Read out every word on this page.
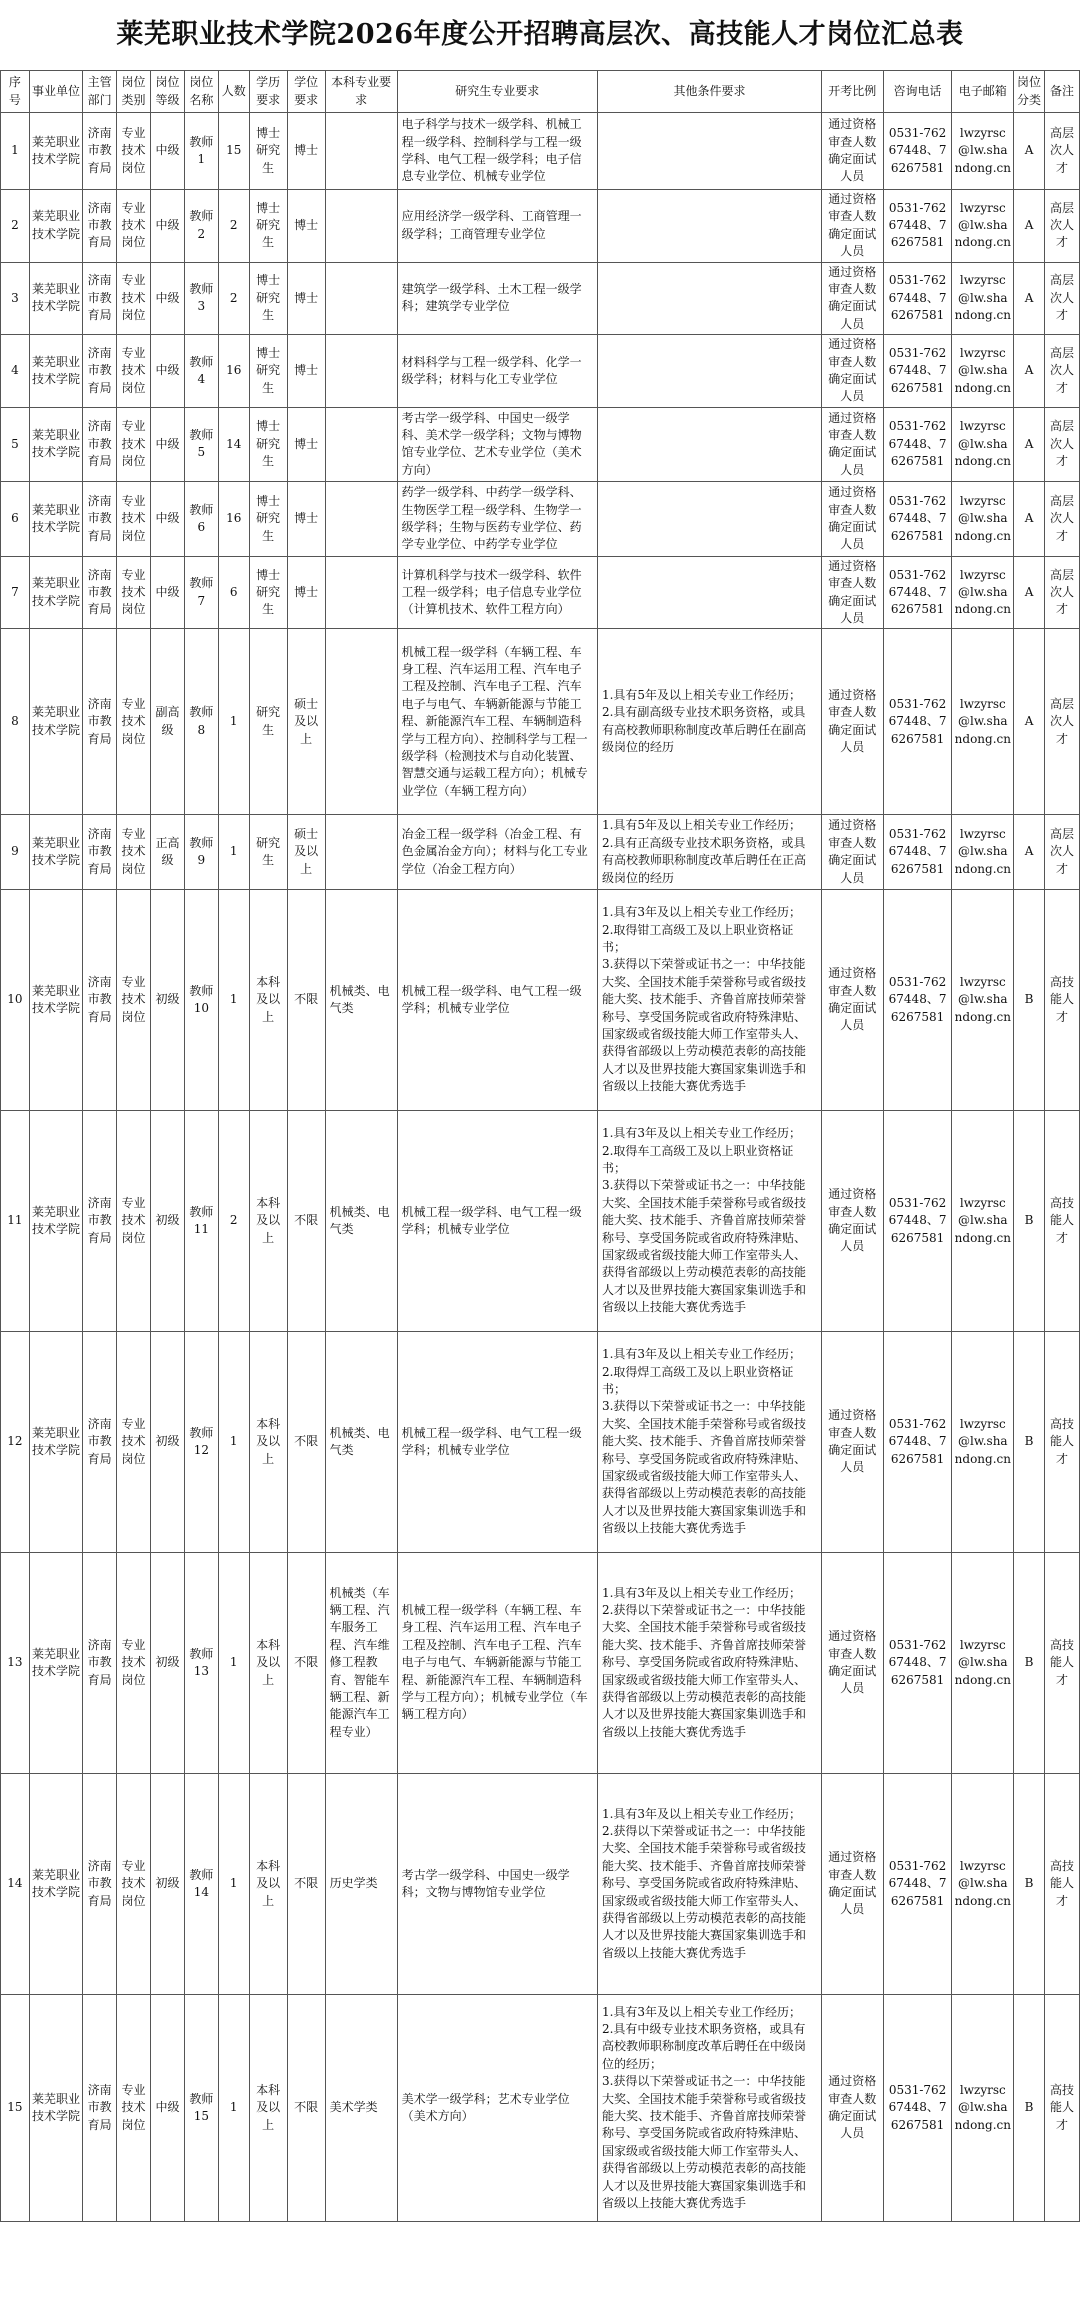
莱芜职业技术学院2026年度公开招聘高层次、高技能人才岗位汇总表
序号	事业单位	主管部门	岗位类别	岗位等级	岗位名称	人数	学历要求	学位要求	本科专业要求	研究生专业要求	其他条件要求	开考比例	咨询电话	电子邮箱	岗位分类	备注
1	莱芜职业技术学院	济南市教育局	专业技术岗位	中级	教师1	15	博士研究生	博士		电子科学与技术一级学科、机械工程一级学科、控制科学与工程一级学科、电气工程一级学科；电子信息专业学位、机械专业学位		通过资格审查人数确定面试人员	0531-76267448、76267581	lwzyrsc@lw.shandong.cn	A	高层次人才
2	莱芜职业技术学院	济南市教育局	专业技术岗位	中级	教师2	2	博士研究生	博士		应用经济学一级学科、工商管理一级学科；工商管理专业学位		通过资格审查人数确定面试人员	0531-76267448、76267581	lwzyrsc@lw.shandong.cn	A	高层次人才
3	莱芜职业技术学院	济南市教育局	专业技术岗位	中级	教师3	2	博士研究生	博士		建筑学一级学科、土木工程一级学科；建筑学专业学位		通过资格审查人数确定面试人员	0531-76267448、76267581	lwzyrsc@lw.shandong.cn	A	高层次人才
4	莱芜职业技术学院	济南市教育局	专业技术岗位	中级	教师4	16	博士研究生	博士		材料科学与工程一级学科、化学一级学科；材料与化工专业学位		通过资格审查人数确定面试人员	0531-76267448、76267581	lwzyrsc@lw.shandong.cn	A	高层次人才
5	莱芜职业技术学院	济南市教育局	专业技术岗位	中级	教师5	14	博士研究生	博士		考古学一级学科、中国史一级学科、美术学一级学科；文物与博物馆专业学位、艺术专业学位（美术方向）		通过资格审查人数确定面试人员	0531-76267448、76267581	lwzyrsc@lw.shandong.cn	A	高层次人才
6	莱芜职业技术学院	济南市教育局	专业技术岗位	中级	教师6	16	博士研究生	博士		药学一级学科、中药学一级学科、生物医学工程一级学科、生物学一级学科；生物与医药专业学位、药学专业学位、中药学专业学位		通过资格审查人数确定面试人员	0531-76267448、76267581	lwzyrsc@lw.shandong.cn	A	高层次人才
7	莱芜职业技术学院	济南市教育局	专业技术岗位	中级	教师7	6	博士研究生	博士		计算机科学与技术一级学科、软件工程一级学科；电子信息专业学位（计算机技术、软件工程方向）		通过资格审查人数确定面试人员	0531-76267448、76267581	lwzyrsc@lw.shandong.cn	A	高层次人才
8	莱芜职业技术学院	济南市教育局	专业技术岗位	副高级	教师8	1	研究生	硕士及以上		机械工程一级学科（车辆工程、车身工程、汽车运用工程、汽车电子工程及控制、汽车电子工程、汽车电子与电气、车辆新能源与节能工程、新能源汽车工程、车辆制造科学与工程方向）、控制科学与工程一级学科（检测技术与自动化装置、智慧交通与运载工程方向）；机械专业学位（车辆工程方向）	1.具有5年及以上相关专业工作经历；
2.具有副高级专业技术职务资格，或具有高校教师职称制度改革后聘任在副高级岗位的经历	通过资格审查人数确定面试人员	0531-76267448、76267581	lwzyrsc@lw.shandong.cn	A	高层次人才
9	莱芜职业技术学院	济南市教育局	专业技术岗位	正高级	教师9	1	研究生	硕士及以上		冶金工程一级学科（冶金工程、有色金属冶金方向）；材料与化工专业学位（冶金工程方向）	1.具有5年及以上相关专业工作经历；
2.具有正高级专业技术职务资格，或具有高校教师职称制度改革后聘任在正高级岗位的经历	通过资格审查人数确定面试人员	0531-76267448、76267581	lwzyrsc@lw.shandong.cn	A	高层次人才
10	莱芜职业技术学院	济南市教育局	专业技术岗位	初级	教师10	1	本科及以上	不限	机械类、电气类	机械工程一级学科、电气工程一级学科；机械专业学位	1.具有3年及以上相关专业工作经历；
2.取得钳工高级工及以上职业资格证书；
3.获得以下荣誉或证书之一：中华技能大奖、全国技术能手荣誉称号或省级技能大奖、技术能手、齐鲁首席技师荣誉称号、享受国务院或省政府特殊津贴、国家级或省级技能大师工作室带头人、获得省部级以上劳动模范表彰的高技能人才以及世界技能大赛国家集训选手和省级以上技能大赛优秀选手	通过资格审查人数确定面试人员	0531-76267448、76267581	lwzyrsc@lw.shandong.cn	B	高技能人才
11	莱芜职业技术学院	济南市教育局	专业技术岗位	初级	教师11	2	本科及以上	不限	机械类、电气类	机械工程一级学科、电气工程一级学科；机械专业学位	1.具有3年及以上相关专业工作经历；
2.取得车工高级工及以上职业资格证书；
3.获得以下荣誉或证书之一：中华技能大奖、全国技术能手荣誉称号或省级技能大奖、技术能手、齐鲁首席技师荣誉称号、享受国务院或省政府特殊津贴、国家级或省级技能大师工作室带头人、获得省部级以上劳动模范表彰的高技能人才以及世界技能大赛国家集训选手和省级以上技能大赛优秀选手	通过资格审查人数确定面试人员	0531-76267448、76267581	lwzyrsc@lw.shandong.cn	B	高技能人才
12	莱芜职业技术学院	济南市教育局	专业技术岗位	初级	教师12	1	本科及以上	不限	机械类、电气类	机械工程一级学科、电气工程一级学科；机械专业学位	1.具有3年及以上相关专业工作经历；
2.取得焊工高级工及以上职业资格证书；
3.获得以下荣誉或证书之一：中华技能大奖、全国技术能手荣誉称号或省级技能大奖、技术能手、齐鲁首席技师荣誉称号、享受国务院或省政府特殊津贴、国家级或省级技能大师工作室带头人、获得省部级以上劳动模范表彰的高技能人才以及世界技能大赛国家集训选手和省级以上技能大赛优秀选手	通过资格审查人数确定面试人员	0531-76267448、76267581	lwzyrsc@lw.shandong.cn	B	高技能人才
13	莱芜职业技术学院	济南市教育局	专业技术岗位	初级	教师13	1	本科及以上	不限	机械类（车辆工程、汽车服务工程、汽车维修工程教育、智能车辆工程、新能源汽车工程专业）	机械工程一级学科（车辆工程、车身工程、汽车运用工程、汽车电子工程及控制、汽车电子工程、汽车电子与电气、车辆新能源与节能工程、新能源汽车工程、车辆制造科学与工程方向）；机械专业学位（车辆工程方向）	1.具有3年及以上相关专业工作经历；
2.获得以下荣誉或证书之一：中华技能大奖、全国技术能手荣誉称号或省级技能大奖、技术能手、齐鲁首席技师荣誉称号、享受国务院或省政府特殊津贴、国家级或省级技能大师工作室带头人、获得省部级以上劳动模范表彰的高技能人才以及世界技能大赛国家集训选手和省级以上技能大赛优秀选手	通过资格审查人数确定面试人员	0531-76267448、76267581	lwzyrsc@lw.shandong.cn	B	高技能人才
14	莱芜职业技术学院	济南市教育局	专业技术岗位	初级	教师14	1	本科及以上	不限	历史学类	考古学一级学科、中国史一级学科；文物与博物馆专业学位	1.具有3年及以上相关专业工作经历；
2.获得以下荣誉或证书之一：中华技能大奖、全国技术能手荣誉称号或省级技能大奖、技术能手、齐鲁首席技师荣誉称号、享受国务院或省政府特殊津贴、国家级或省级技能大师工作室带头人、获得省部级以上劳动模范表彰的高技能人才以及世界技能大赛国家集训选手和省级以上技能大赛优秀选手	通过资格审查人数确定面试人员	0531-76267448、76267581	lwzyrsc@lw.shandong.cn	B	高技能人才
15	莱芜职业技术学院	济南市教育局	专业技术岗位	中级	教师15	1	本科及以上	不限	美术学类	美术学一级学科；艺术专业学位（美术方向）	1.具有3年及以上相关专业工作经历；
2.具有中级专业技术职务资格，或具有高校教师职称制度改革后聘任在中级岗位的经历；
3.获得以下荣誉或证书之一：中华技能大奖、全国技术能手荣誉称号或省级技能大奖、技术能手、齐鲁首席技师荣誉称号、享受国务院或省政府特殊津贴、国家级或省级技能大师工作室带头人、获得省部级以上劳动模范表彰的高技能人才以及世界技能大赛国家集训选手和省级以上技能大赛优秀选手	通过资格审查人数确定面试人员	0531-76267448、76267581	lwzyrsc@lw.shandong.cn	B	高技能人才
